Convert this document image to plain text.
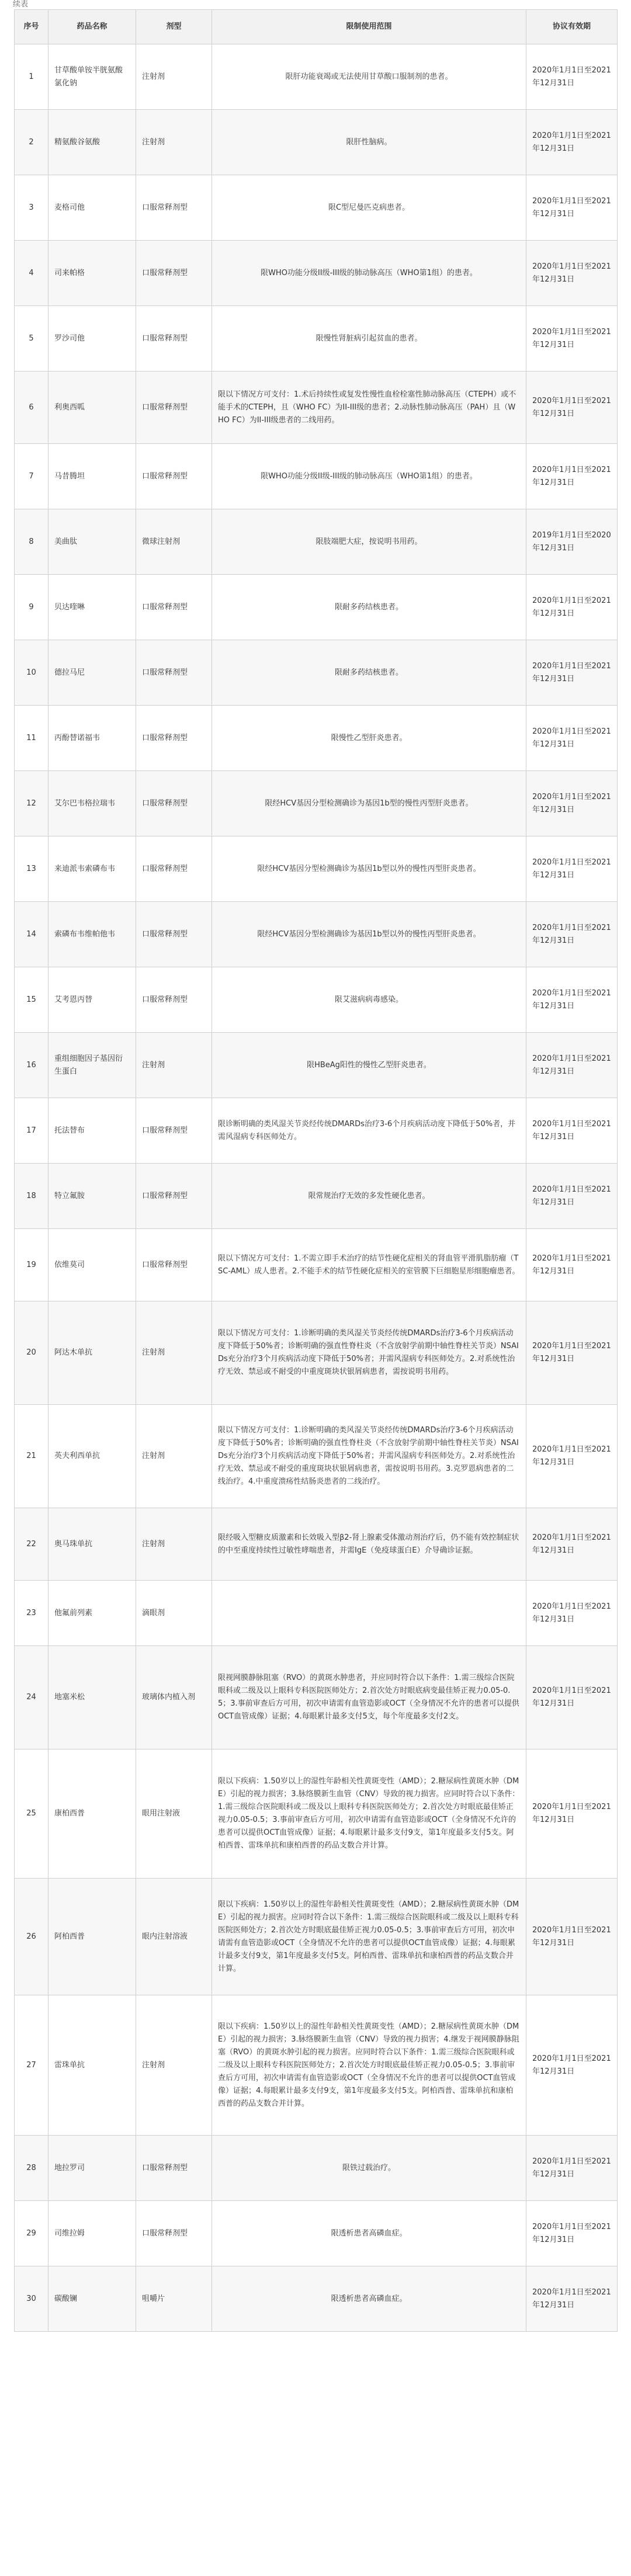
续表
序号	药品名称	剂型	限制使用范围	协议有效期
1	甘草酸单铵半胱氨酸氯化钠	注射剂	限肝功能衰竭或无法使用甘草酸口服制剂的患者。	2020年1月1日至2021年12月31日
2	精氨酸谷氨酸	注射剂	限肝性脑病。	2020年1月1日至2021年12月31日
3	麦格司他	口服常释剂型	限C型尼曼匹克病患者。	2020年1月1日至2021年12月31日
4	司来帕格	口服常释剂型	限WHO功能分级II级-III级的肺动脉高压（WHO第1组）的患者。	2020年1月1日至2021年12月31日
5	罗沙司他	口服常释剂型	限慢性肾脏病引起贫血的患者。	2020年1月1日至2021年12月31日
6	利奥西呱	口服常释剂型	限以下情况方可支付：1.术后持续性或复发性慢性血栓栓塞性肺动脉高压（CTEPH）或不能手术的CTEPH，且（WHO FC）为II-III级的患者；2.动脉性肺动脉高压（PAH）且（WHO FC）为II-III级患者的二线用药。	2020年1月1日至2021年12月31日
7	马昔腾坦	口服常释剂型	限WHO功能分级II级-III级的肺动脉高压（WHO第1组）的患者。	2020年1月1日至2021年12月31日
8	美曲肽	微球注射剂	限肢端肥大症，按说明书用药。	2019年1月1日至2020年12月31日
9	贝达喹啉	口服常释剂型	限耐多药结核患者。	2020年1月1日至2021年12月31日
10	德拉马尼	口服常释剂型	限耐多药结核患者。	2020年1月1日至2021年12月31日
11	丙酚替诺福韦	口服常释剂型	限慢性乙型肝炎患者。	2020年1月1日至2021年12月31日
12	艾尔巴韦格拉瑞韦	口服常释剂型	限经HCV基因分型检测确诊为基因1b型的慢性丙型肝炎患者。	2020年1月1日至2021年12月31日
13	来迪派韦索磷布韦	口服常释剂型	限经HCV基因分型检测确诊为基因1b型以外的慢性丙型肝炎患者。	2020年1月1日至2021年12月31日
14	索磷布韦维帕他韦	口服常释剂型	限经HCV基因分型检测确诊为基因1b型以外的慢性丙型肝炎患者。	2020年1月1日至2021年12月31日
15	艾考恩丙替	口服常释剂型	限艾滋病病毒感染。	2020年1月1日至2021年12月31日
16	重组细胞因子基因衍生蛋白	注射剂	限HBeAg阳性的慢性乙型肝炎患者。	2020年1月1日至2021年12月31日
17	托法替布	口服常释剂型	限诊断明确的类风湿关节炎经传统DMARDs治疗3-6个月疾病活动度下降低于50%者，并需风湿病专科医师处方。	2020年1月1日至2021年12月31日
18	特立氟胺	口服常释剂型	限常规治疗无效的多发性硬化患者。	2020年1月1日至2021年12月31日
19	依维莫司	口服常释剂型	限以下情况方可支付：1.不需立即手术治疗的结节性硬化症相关的肾血管平滑肌脂肪瘤（TSC-AML）成人患者。2.不能手术的结节性硬化症相关的室管膜下巨细胞星形细胞瘤患者。	2020年1月1日至2021年12月31日
20	阿达木单抗	注射剂	限以下情况方可支付：1.诊断明确的类风湿关节炎经传统DMARDs治疗3-6个月疾病活动度下降低于50%者；诊断明确的强直性脊柱炎（不含放射学前期中轴性脊柱关节炎）NSAIDs充分治疗3个月疾病活动度下降低于50%者；并需风湿病专科医师处方。2.对系统性治疗无效、禁忌或不耐受的中重度斑块状银屑病患者，需按说明书用药。	2020年1月1日至2021年12月31日
21	英夫利西单抗	注射剂	限以下情况方可支付：1.诊断明确的类风湿关节炎经传统DMARDs治疗3-6个月疾病活动度下降低于50%者；诊断明确的强直性脊柱炎（不含放射学前期中轴性脊柱关节炎）NSAIDs充分治疗3个月疾病活动度下降低于50%者；并需风湿病专科医师处方。2.对系统性治疗无效、禁忌或不耐受的重度斑块状银屑病患者，需按说明书用药。3.克罗恩病患者的二线治疗。4.中重度溃疡性结肠炎患者的二线治疗。	2020年1月1日至2021年12月31日
22	奥马珠单抗	注射剂	限经吸入型糖皮质激素和长效吸入型β2-肾上腺素受体激动剂治疗后，仍不能有效控制症状的中至重度持续性过敏性哮喘患者，并需IgE（免疫球蛋白E）介导确诊证据。	2020年1月1日至2021年12月31日
23	他氟前列素	滴眼剂		2020年1月1日至2021年12月31日
24	地塞米松	玻璃体内植入剂	限视网膜静脉阻塞（RVO）的黄斑水肿患者，并应同时符合以下条件：1.需三级综合医院眼科或二级及以上眼科专科医院医师处方；2.首次处方时眼底病变最佳矫正视力0.05-0.5；3.事前审查后方可用，初次申请需有血管造影或OCT（全身情况不允许的患者可以提供OCT血管成像）证据；4.每眼累计最多支付5支，每个年度最多支付2支。	2020年1月1日至2021年12月31日
25	康柏西普	眼用注射液	限以下疾病：1.50岁以上的湿性年龄相关性黄斑变性（AMD）；2.糖尿病性黄斑水肿（DME）引起的视力损害；3.脉络膜新生血管（CNV）导致的视力损害。应同时符合以下条件：1.需三级综合医院眼科或二级及以上眼科专科医院医师处方；2.首次处方时眼底最佳矫正视力0.05-0.5；3.事前审查后方可用，初次申请需有血管造影或OCT（全身情况不允许的患者可以提供OCT血管成像）证据；4.每眼累计最多支付9支，第1年度最多支付5支。阿柏西普、雷珠单抗和康柏西普的药品支数合并计算。	2020年1月1日至2021年12月31日
26	阿柏西普	眼内注射溶液	限以下疾病：1.50岁以上的湿性年龄相关性黄斑变性（AMD）；2.糖尿病性黄斑水肿（DME）引起的视力损害。应同时符合以下条件：1.需三级综合医院眼科或二级及以上眼科专科医院医师处方；2.首次处方时眼底最佳矫正视力0.05-0.5；3.事前审查后方可用，初次申请需有血管造影或OCT（全身情况不允许的患者可以提供OCT血管成像）证据；4.每眼累计最多支付9支，第1年度最多支付5支。阿柏西普、雷珠单抗和康柏西普的药品支数合并计算。	2020年1月1日至2021年12月31日
27	雷珠单抗	注射剂	限以下疾病：1.50岁以上的湿性年龄相关性黄斑变性（AMD）；2.糖尿病性黄斑水肿（DME）引起的视力损害；3.脉络膜新生血管（CNV）导致的视力损害；4.继发于视网膜静脉阻塞（RVO）的黄斑水肿引起的视力损害。应同时符合以下条件：1.需三级综合医院眼科或二级及以上眼科专科医院医师处方；2.首次处方时眼底最佳矫正视力0.05-0.5；3.事前审查后方可用，初次申请需有血管造影或OCT（全身情况不允许的患者可以提供OCT血管成像）证据；4.每眼累计最多支付9支，第1年度最多支付5支。阿柏西普、雷珠单抗和康柏西普的药品支数合并计算。	2020年1月1日至2021年12月31日
28	地拉罗司	口服常释剂型	限铁过载治疗。	2020年1月1日至2021年12月31日
29	司维拉姆	口服常释剂型	限透析患者高磷血症。	2020年1月1日至2021年12月31日
30	碳酸镧	咀嚼片	限透析患者高磷血症。	2020年1月1日至2021年12月31日
